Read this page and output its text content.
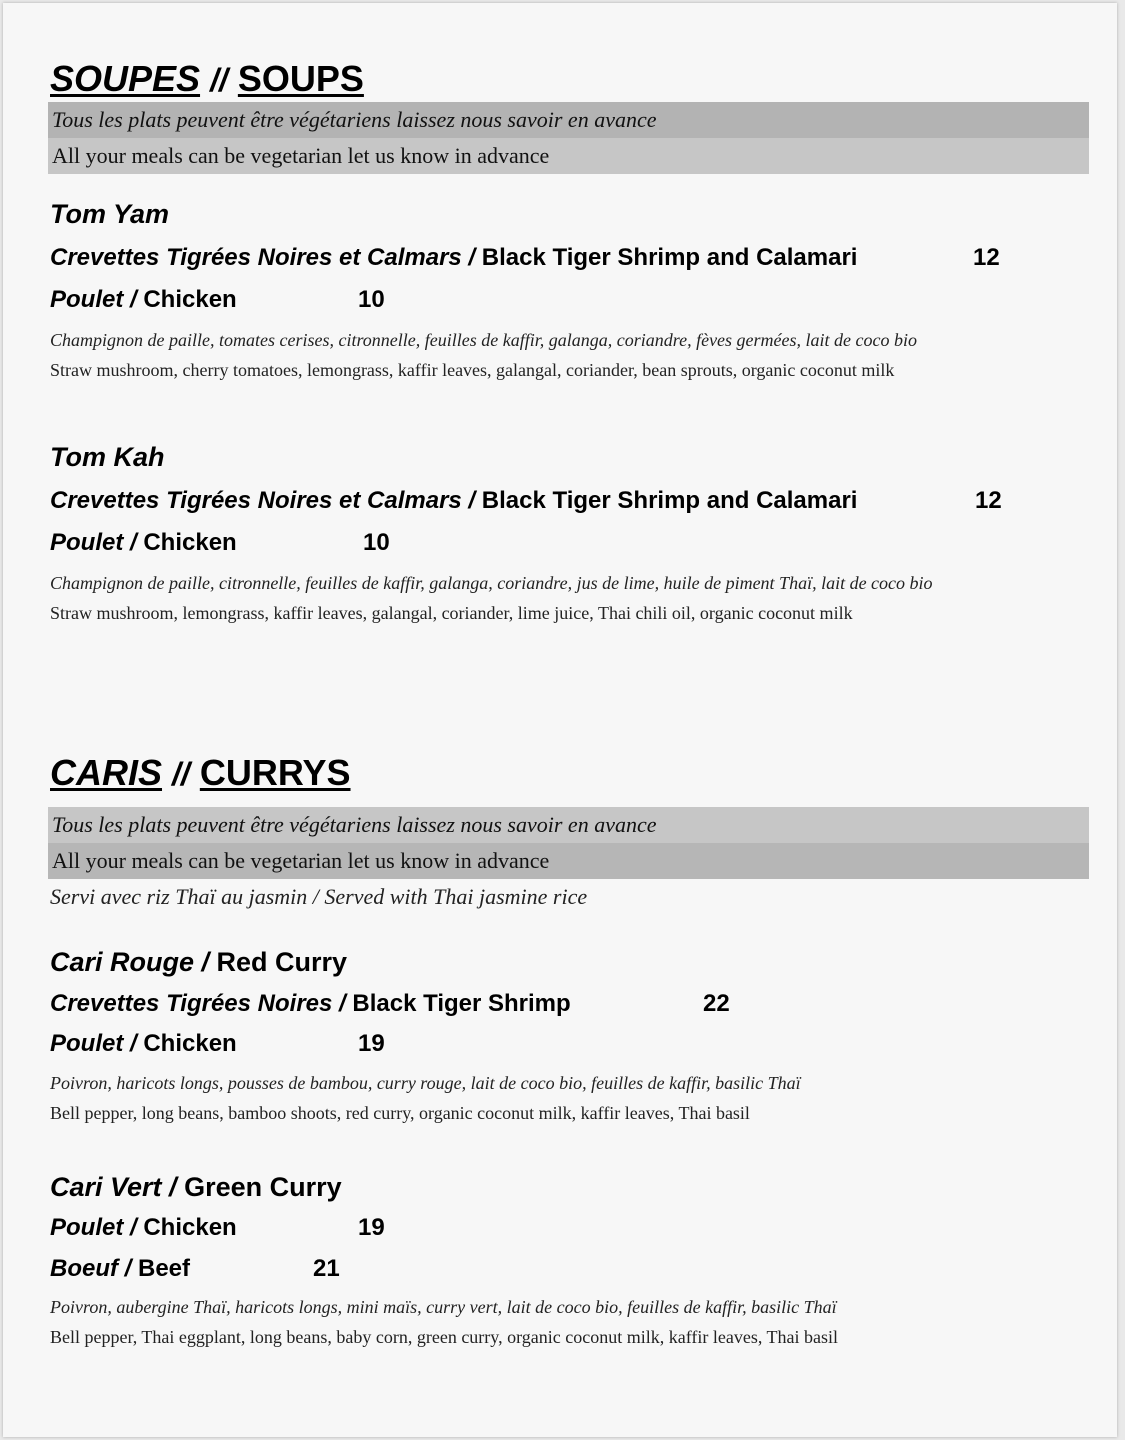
SOUPES // SOUPS
Tous les plats peuvent être végétariens laissez nous savoir en avance
All your meals can be vegetarian let us know in advance
Tom Yam
Crevettes Tigrées Noires et Calmars / Black Tiger Shrimp and Calamari	12
Poulet / Chicken	10
Champignon de paille, tomates cerises, citronnelle, feuilles de kaffir, galanga, coriandre, fèves germées, lait de coco bio
Straw mushroom, cherry tomatoes, lemongrass, kaffir leaves, galangal, coriander, bean sprouts, organic coconut milk
Tom Kah
Crevettes Tigrées Noires et Calmars / Black Tiger Shrimp and Calamari	12
Poulet / Chicken	10
Champignon de paille, citronnelle, feuilles de kaffir, galanga, coriandre, jus de lime, huile de piment Thaï, lait de coco bio
Straw mushroom, lemongrass, kaffir leaves, galangal, coriander, lime juice, Thai chili oil, organic coconut milk
CARIS // CURRYS
Tous les plats peuvent être végétariens laissez nous savoir en avance
All your meals can be vegetarian let us know in advance
Servi avec riz Thaï au jasmin / Served with Thai jasmine rice
Cari Rouge / Red Curry
Crevettes Tigrées Noires / Black Tiger Shrimp	22
Poulet / Chicken	19
Poivron, haricots longs, pousses de bambou, curry rouge, lait de coco bio, feuilles de kaffir, basilic Thaï
Bell pepper, long beans, bamboo shoots, red curry, organic coconut milk, kaffir leaves, Thai basil
Cari Vert / Green Curry
Poulet / Chicken	19
Boeuf / Beef	21
Poivron, aubergine Thaï, haricots longs, mini maïs, curry vert, lait de coco bio, feuilles de kaffir, basilic Thaï
Bell pepper, Thai eggplant, long beans, baby corn, green curry, organic coconut milk, kaffir leaves, Thai basil
